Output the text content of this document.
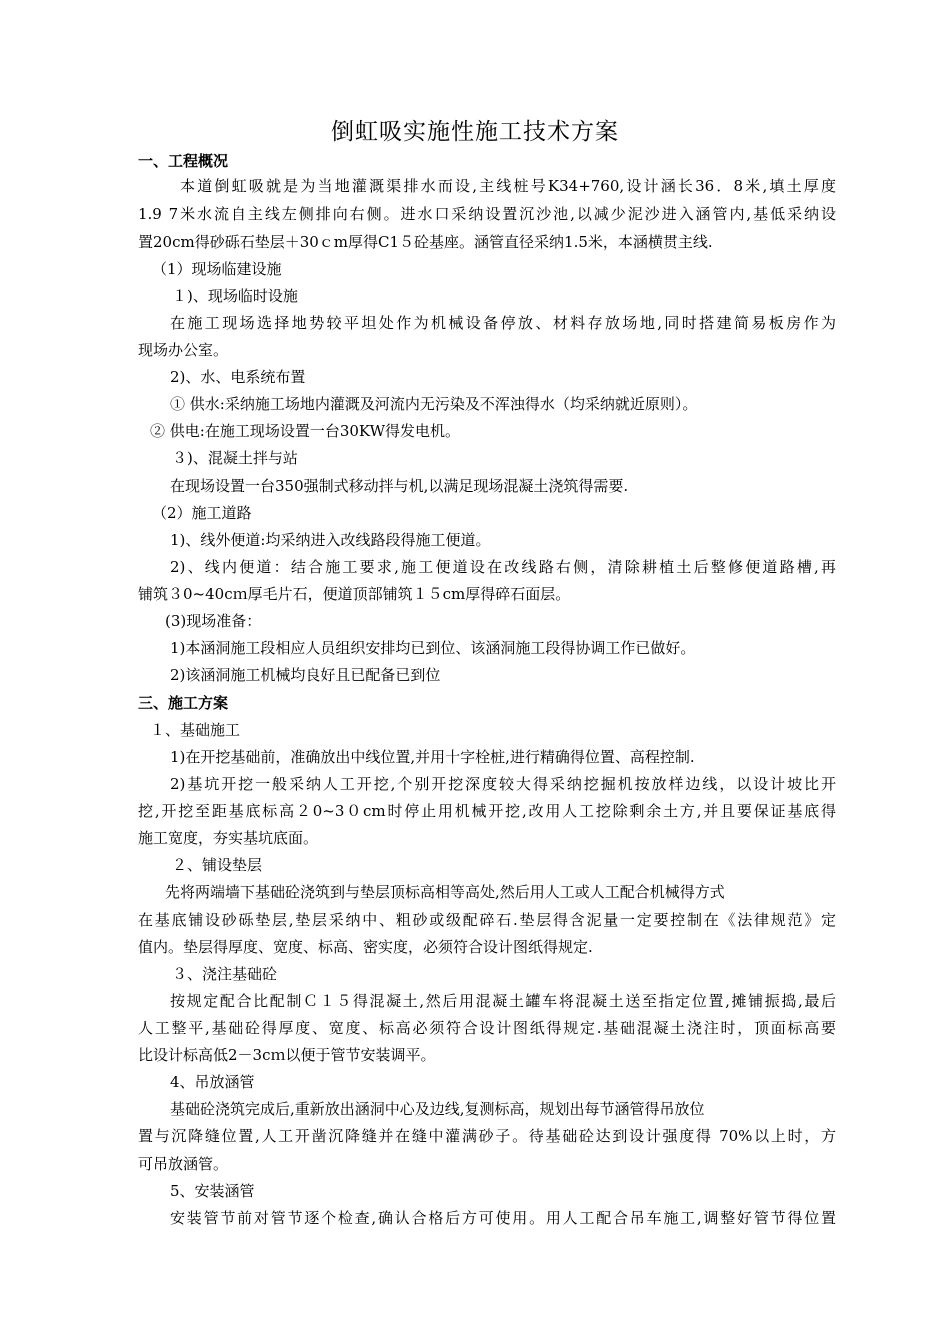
倒虹吸实施性施工技术方案
一、工程概况
本道倒虹吸就是为当地灌溉渠排水而设,主线桩号K34+760,设计涵长36．8米,填土厚度
1.9 7米水流自主线左侧排向右侧。进水口采纳设置沉沙池,以减少泥沙进入涵管内,基低采纳设
置20cm得砂砾石垫层＋30ｃm厚得C1５砼基座。涵管直径采纳1.5米，本涵横贯主线.
（1）现场临建设施
１)、现场临时设施
在施工现场选择地势较平坦处作为机械设备停放、材料存放场地,同时搭建简易板房作为
现场办公室。
2)、水、电系统布置
① 供水:采纳施工场地内灌溉及河流内无污染及不浑浊得水（均采纳就近原则）。
② 供电:在施工现场设置一台30KW得发电机。
３)、混凝土拌与站
在现场设置一台350强制式移动拌与机,以满足现场混凝土浇筑得需要.
（2）施工道路
1)、线外便道:均采纳进入改线路段得施工便道。
2)、线内便道：结合施工要求,施工便道设在改线路右侧，清除耕植土后整修便道路槽,再
铺筑３0~40cｍ厚毛片石，便道顶部铺筑１５cm厚得碎石面层。
(3)现场准备：
1)本涵洞施工段相应人员组织安排均已到位、该涵洞施工段得协调工作已做好。
2)该涵洞施工机械均良好且已配备已到位
三、施工方案
１、基础施工
1)在开挖基础前，准确放出中线位置,并用十字栓桩,进行精确得位置、高程控制.
2)基坑开挖一般采纳人工开挖,个别开挖深度较大得采纳挖掘机按放样边线，以设计坡比开
挖,开挖至距基底标高２0~3０cm时停止用机械开挖,改用人工挖除剩余土方,并且要保证基底得
施工宽度，夯实基坑底面。
２、铺设垫层
先将两端墙下基础砼浇筑到与垫层顶标高相等高处,然后用人工或人工配合机械得方式
在基底铺设砂砾垫层,垫层采纳中、粗砂或级配碎石.垫层得含泥量一定要控制在《法律规范》定
值内。垫层得厚度、宽度、标高、密实度，必须符合设计图纸得规定.
３、浇注基础砼
按规定配合比配制Ｃ１５得混凝土,然后用混凝土罐车将混凝土送至指定位置,摊铺振捣,最后
人工整平,基础砼得厚度、宽度、标高必须符合设计图纸得规定.基础混凝土浇注时，顶面标高要
比设计标高低2－3cｍ以便于管节安装调平。
4、吊放涵管
基础砼浇筑完成后,重新放出涵洞中心及边线,复测标高，规划出每节涵管得吊放位
置与沉降缝位置,人工开凿沉降缝并在缝中灌满砂子。待基础砼达到设计强度得 70%以上时，方
可吊放涵管。
5、安装涵管
安装管节前对管节逐个检查,确认合格后方可使用。用人工配合吊车施工,调整好管节得位置
